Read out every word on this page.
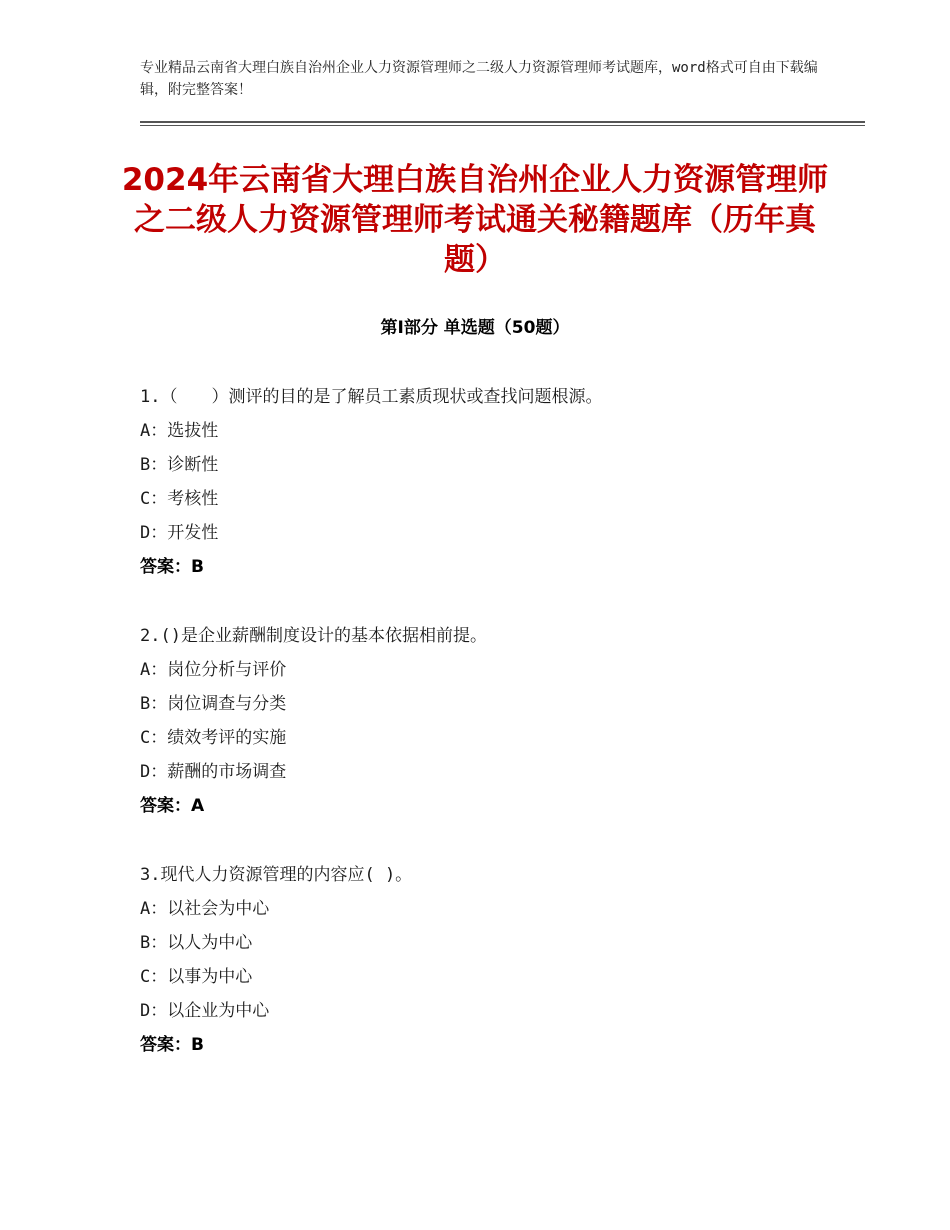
专业精品云南省大理白族自治州企业人力资源管理师之二级人力资源管理师考试题库，word格式可自由下载编辑，附完整答案！
2024年云南省大理白族自治州企业人力资源管理师之二级人力资源管理师考试通关秘籍题库（历年真题）
第Ⅰ部分 单选题（50题）
1.（　　）测评的目的是了解员工素质现状或查找问题根源。
A：选拔性
B：诊断性
C：考核性
D：开发性
答案：B
2.()是企业薪酬制度设计的基本依据相前提。
A：岗位分析与评价
B：岗位调查与分类
C：绩效考评的实施
D：薪酬的市场调查
答案：A
3.现代人力资源管理的内容应( )。
A：以社会为中心
B：以人为中心
C：以事为中心
D：以企业为中心
答案：B
